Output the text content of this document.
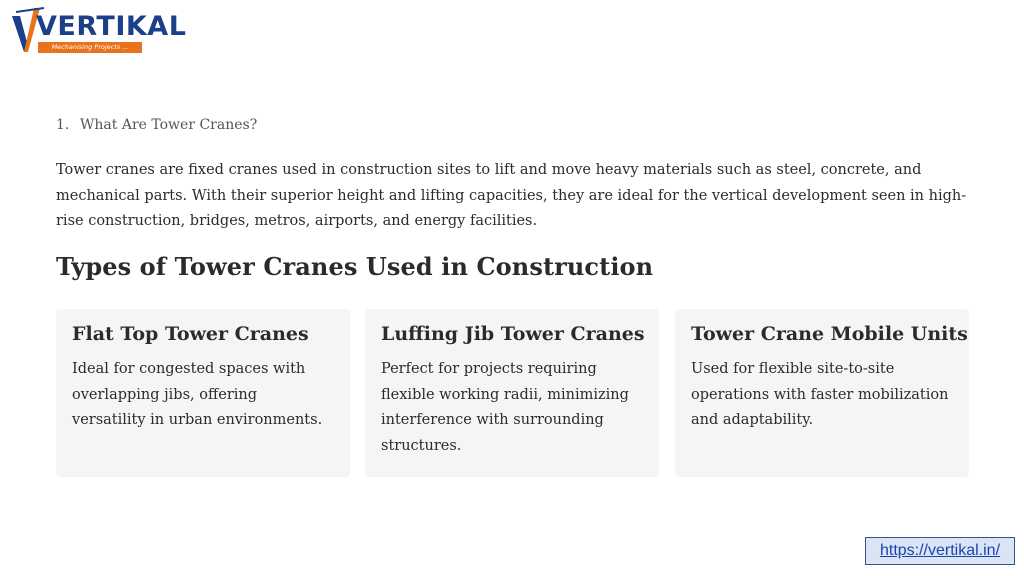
VERTIKAL
Mechanising Projects ...
1. What Are Tower Cranes?

Tower cranes are fixed cranes used in construction sites to lift and move heavy materials such as steel, concrete, and mechanical parts. With their superior height and lifting capacities, they are ideal for the vertical development seen in high-rise construction, bridges, metros, airports, and energy facilities.

Types of Tower Cranes Used in Construction
Flat Top Tower Cranes
Ideal for congested spaces with overlapping jibs, offering versatility in urban environments.
Luffing Jib Tower Cranes
Perfect for projects requiring flexible working radii, minimizing interference with surrounding structures.
Tower Crane Mobile Units
Used for flexible site-to-site operations with faster mobilization and adaptability.
https://vertikal.in/
